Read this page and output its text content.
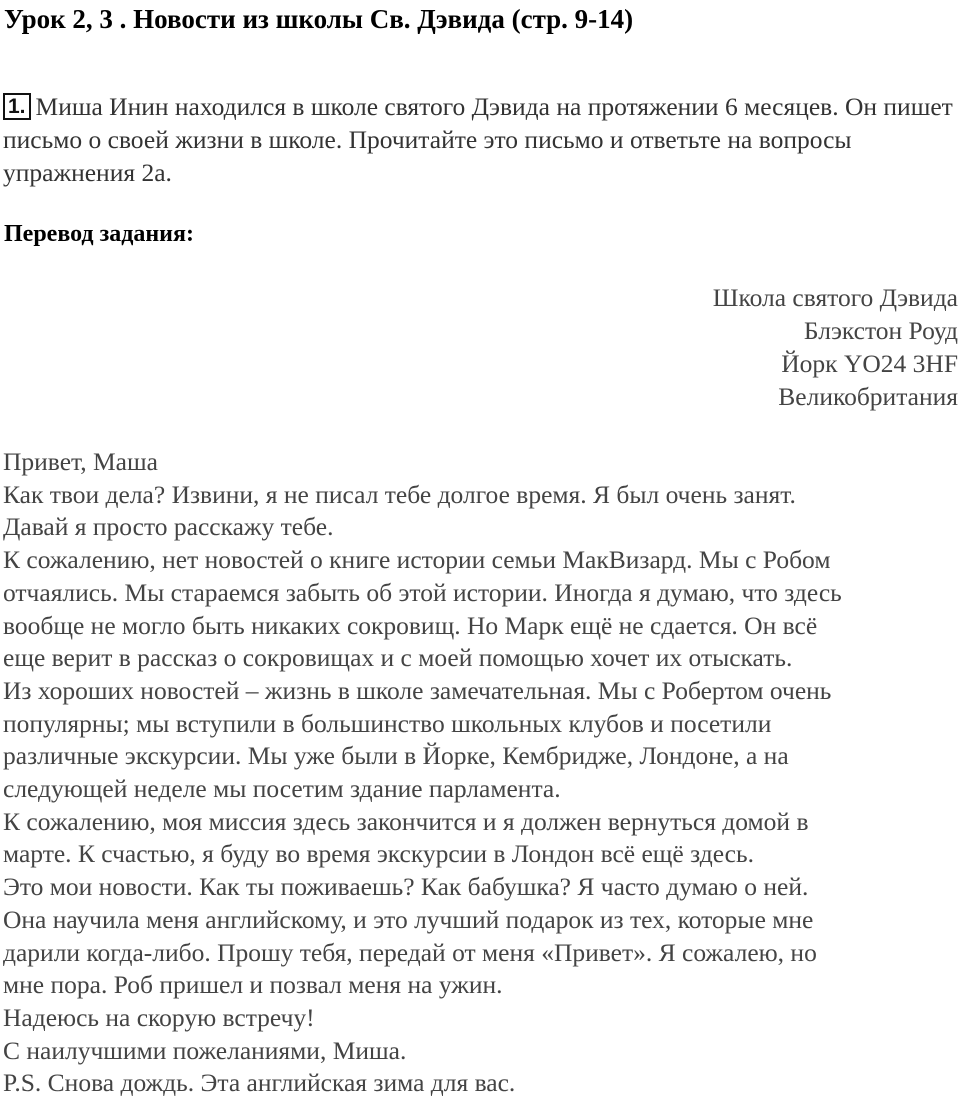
Урок 2, 3 . Новости из школы Св. Дэвида (стр. 9-14)

1. Миша Инин находился в школе святого Дэвида на протяжении 6 месяцев. Он пишет письмо о своей жизни в школе. Прочитайте это письмо и ответьте на вопросы упражнения 2а.

Перевод задания:
Школа святого Дэвида
Блэкстон Роуд
Йорк YO24 3HF
Великобритания
Привет, Маша
Как твои дела? Извини, я не писал тебе долгое время. Я был очень занят.
Давай я просто расскажу тебе.
К сожалению, нет новостей о книге истории семьи МакВизард. Мы с Робом
отчаялись. Мы стараемся забыть об этой истории. Иногда я думаю, что здесь
вообще не могло быть никаких сокровищ. Но Марк ещё не сдается. Он всё
еще верит в рассказ о сокровищах и с моей помощью хочет их отыскать.
Из хороших новостей – жизнь в школе замечательная. Мы с Робертом очень
популярны; мы вступили в большинство школьных клубов и посетили
различные экскурсии. Мы уже были в Йорке, Кембридже, Лондоне, а на
следующей неделе мы посетим здание парламента.
К сожалению, моя миссия здесь закончится и я должен вернуться домой в
марте. К счастью, я буду во время экскурсии в Лондон всё ещё здесь.
Это мои новости. Как ты поживаешь? Как бабушка? Я часто думаю о ней.
Она научила меня английскому, и это лучший подарок из тех, которые мне
дарили когда-либо. Прошу тебя, передай от меня «Привет». Я сожалею, но
мне пора. Роб пришел и позвал меня на ужин.
Надеюсь на скорую встречу!
С наилучшими пожеланиями, Миша.
P.S. Снова дождь. Эта английская зима для вас.
